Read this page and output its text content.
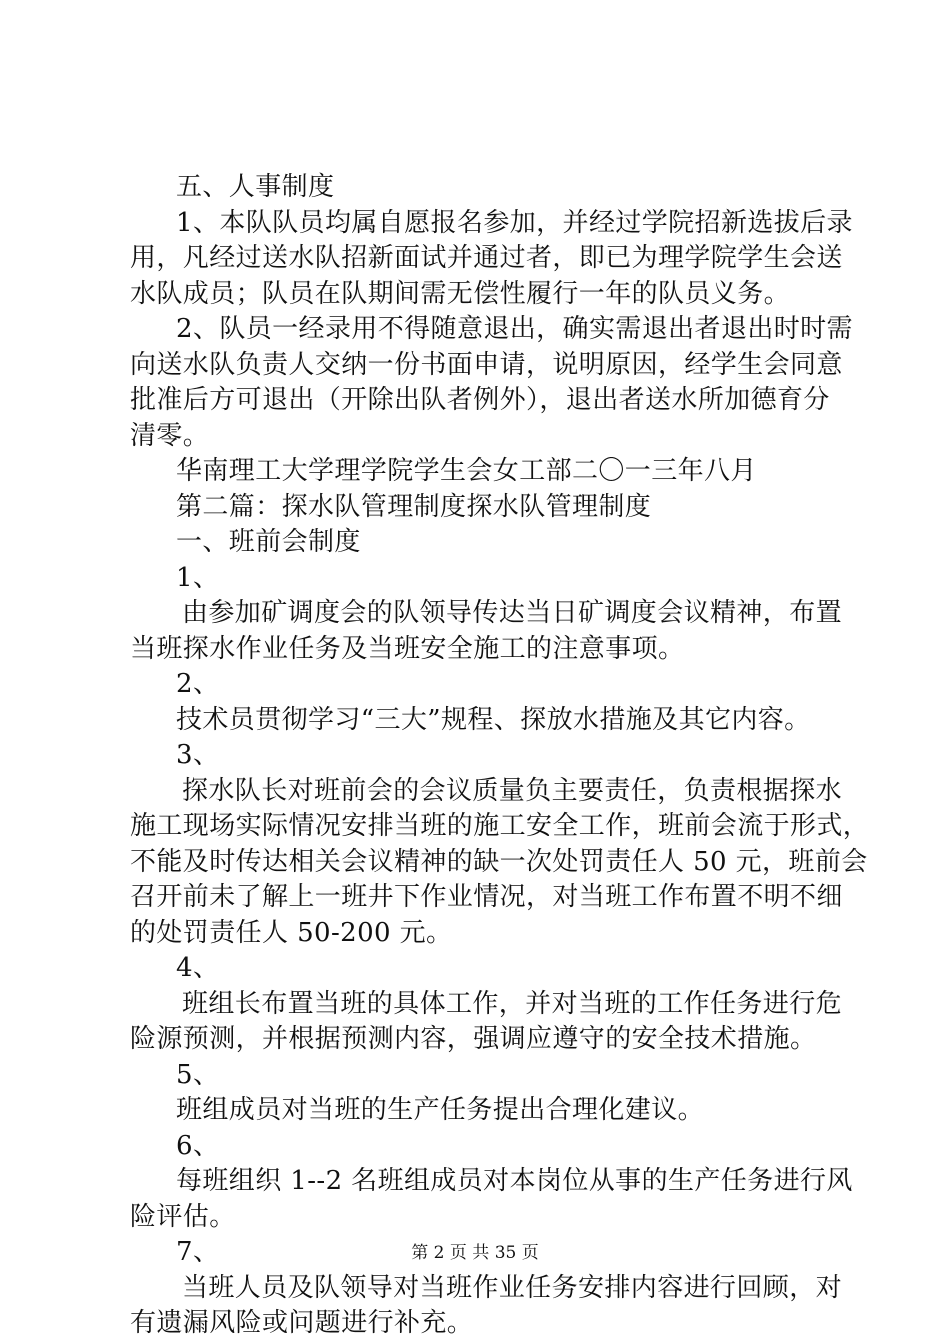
五、人事制度
1、本队队员均属自愿报名参加，并经过学院招新选拔后录
用，凡经过送水队招新面试并通过者，即已为理学院学生会送
水队成员；队员在队期间需无偿性履行一年的队员义务。
2、队员一经录用不得随意退出，确实需退出者退出时时需
向送水队负责人交纳一份书面申请，说明原因，经学生会同意
批准后方可退出（开除出队者例外），退出者送水所加德育分
清零。
华南理工大学理学院学生会女工部二〇一三年八月
第二篇：探水队管理制度探水队管理制度
一、班前会制度
1、
由参加矿调度会的队领导传达当日矿调度会议精神，布置
当班探水作业任务及当班安全施工的注意事项。
2、
技术员贯彻学习“三大”规程、探放水措施及其它内容。
3、
探水队长对班前会的会议质量负主要责任，负责根据探水
施工现场实际情况安排当班的施工安全工作，班前会流于形式，
不能及时传达相关会议精神的缺一次处罚责任人 50 元，班前会
召开前未了解上一班井下作业情况，对当班工作布置不明不细
的处罚责任人 50-200 元。
4、
班组长布置当班的具体工作，并对当班的工作任务进行危
险源预测，并根据预测内容，强调应遵守的安全技术措施。
5、
班组成员对当班的生产任务提出合理化建议。
6、
每班组织 1--2 名班组成员对本岗位从事的生产任务进行风
险评估。
7、
当班人员及队领导对当班作业任务安排内容进行回顾，对
有遗漏风险或问题进行补充。
第 2 页 共 35 页
